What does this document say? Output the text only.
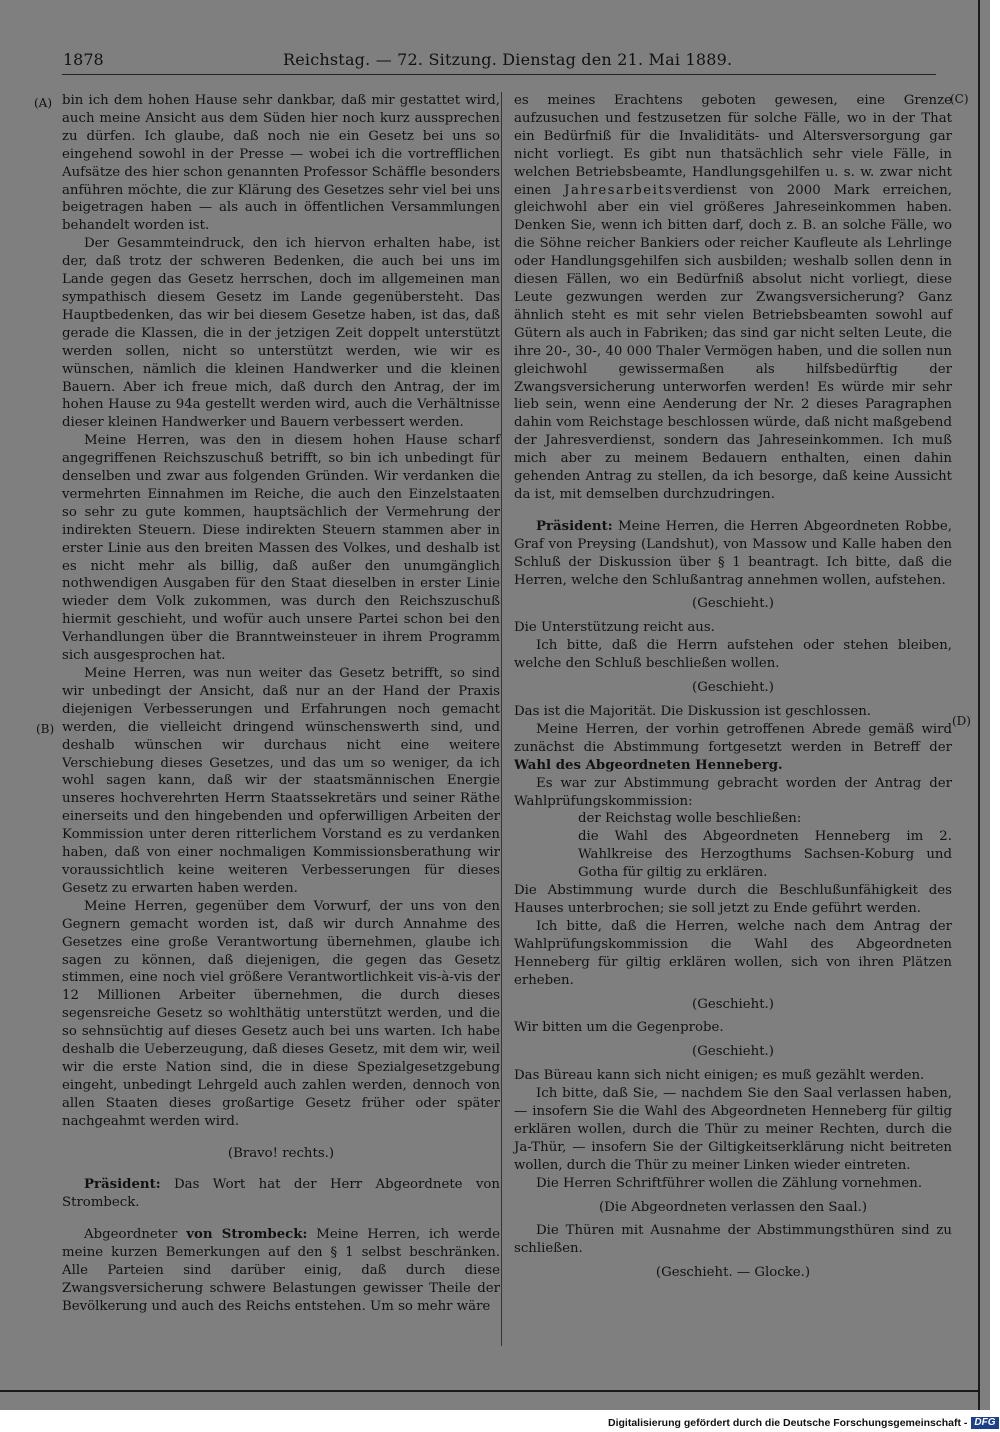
1878	Reichstag. — 72. Sitzung. Dienstag den 21. Mai 1889.
(A)
(B)
(C)
(D)

bin ich dem hohen Hause sehr dankbar, daß mir gestattet wird, auch meine Ansicht aus dem Süden hier noch kurz aussprechen zu dürfen. Ich glaube, daß noch nie ein Gesetz bei uns so eingehend sowohl in der Presse — wobei ich die vortrefflichen Aufsätze des hier schon genannten Professor Schäffle besonders anführen möchte, die zur Klärung des Gesetzes sehr viel bei uns beigetragen haben — als auch in öffentlichen Versammlungen behandelt worden ist.

Der Gesammteindruck, den ich hiervon erhalten habe, ist der, daß trotz der schweren Bedenken, die auch bei uns im Lande gegen das Gesetz herrschen, doch im allgemeinen man sympathisch diesem Gesetz im Lande gegenübersteht. Das Hauptbedenken, das wir bei diesem Gesetze haben, ist das, daß gerade die Klassen, die in der jetzigen Zeit doppelt unterstützt werden sollen, nicht so unterstützt werden, wie wir es wünschen, nämlich die kleinen Handwerker und die kleinen Bauern. Aber ich freue mich, daß durch den Antrag, der im hohen Hause zu 94a gestellt werden wird, auch die Verhältnisse dieser kleinen Handwerker und Bauern verbessert werden.

Meine Herren, was den in diesem hohen Hause scharf angegriffenen Reichszuschuß betrifft, so bin ich unbedingt für denselben und zwar aus folgenden Gründen. Wir verdanken die vermehrten Einnahmen im Reiche, die auch den Einzelstaaten so sehr zu gute kommen, hauptsächlich der Vermehrung der indirekten Steuern. Diese indirekten Steuern stammen aber in erster Linie aus den breiten Massen des Volkes, und deshalb ist es nicht mehr als billig, daß außer den unumgänglich nothwendigen Ausgaben für den Staat dieselben in erster Linie wieder dem Volk zukommen, was durch den Reichszuschuß hiermit geschieht, und wofür auch unsere Partei schon bei den Verhandlungen über die Branntweinsteuer in ihrem Programm sich ausgesprochen hat.

Meine Herren, was nun weiter das Gesetz betrifft, so sind wir unbedingt der Ansicht, daß nur an der Hand der Praxis diejenigen Verbesserungen und Erfahrungen noch gemacht werden, die vielleicht dringend wünschenswerth sind, und deshalb wünschen wir durchaus nicht eine weitere Verschiebung dieses Gesetzes, und das um so weniger, da ich wohl sagen kann, daß wir der staatsmännischen Energie unseres hochverehrten Herrn Staatssekretärs und seiner Räthe einerseits und den hingebenden und opferwilligen Arbeiten der Kommission unter deren ritterlichem Vorstand es zu verdanken haben, daß von einer nochmaligen Kommissionsberathung wir voraussichtlich keine weiteren Verbesserungen für dieses Gesetz zu erwarten haben werden.

Meine Herren, gegenüber dem Vorwurf, der uns von den Gegnern gemacht worden ist, daß wir durch Annahme des Gesetzes eine große Verantwortung übernehmen, glaube ich sagen zu können, daß diejenigen, die gegen das Gesetz stimmen, eine noch viel größere Verantwortlichkeit vis-à-vis der 12 Millionen Arbeiter übernehmen, die durch dieses segensreiche Gesetz so wohlthätig unterstützt werden, und die so sehnsüchtig auf dieses Gesetz auch bei uns warten. Ich habe deshalb die Ueberzeugung, daß dieses Gesetz, mit dem wir, weil wir die erste Nation sind, die in diese Spezialgesetzgebung eingeht, unbedingt Lehrgeld auch zahlen werden, dennoch von allen Staaten dieses großartige Gesetz früher oder später nachgeahmt werden wird.

(Bravo! rechts.)

Präsident: Das Wort hat der Herr Abgeordnete von Strombeck.

Abgeordneter von Strombeck: Meine Herren, ich werde meine kurzen Bemerkungen auf den § 1 selbst beschränken. Alle Parteien sind darüber einig, daß durch diese Zwangsversicherung schwere Belastungen gewisser Theile der Bevölkerung und auch des Reichs entstehen. Um so mehr wäre

es meines Erachtens geboten gewesen, eine Grenze aufzusuchen und festzusetzen für solche Fälle, wo in der That ein Bedürfniß für die Invaliditäts- und Altersversorgung gar nicht vorliegt. Es gibt nun thatsächlich sehr viele Fälle, in welchen Betriebsbeamte, Handlungsgehilfen u. s. w. zwar nicht einen Jahresarbeitsverdienst von 2000 Mark erreichen, gleichwohl aber ein viel größeres Jahreseinkommen haben. Denken Sie, wenn ich bitten darf, doch z. B. an solche Fälle, wo die Söhne reicher Bankiers oder reicher Kaufleute als Lehrlinge oder Handlungsgehilfen sich ausbilden; weshalb sollen denn in diesen Fällen, wo ein Bedürfniß absolut nicht vorliegt, diese Leute gezwungen werden zur Zwangsversicherung? Ganz ähnlich steht es mit sehr vielen Betriebsbeamten sowohl auf Gütern als auch in Fabriken; das sind gar nicht selten Leute, die ihre 20-, 30-, 40 000 Thaler Vermögen haben, und die sollen nun gleichwohl gewissermaßen als hilfsbedürftig der Zwangsversicherung unterworfen werden! Es würde mir sehr lieb sein, wenn eine Aenderung der Nr. 2 dieses Paragraphen dahin vom Reichstage beschlossen würde, daß nicht maßgebend der Jahresverdienst, sondern das Jahreseinkommen. Ich muß mich aber zu meinem Bedauern enthalten, einen dahin gehenden Antrag zu stellen, da ich besorge, daß keine Aussicht da ist, mit demselben durchzudringen.

Präsident: Meine Herren, die Herren Abgeordneten Robbe, Graf von Preysing (Landshut), von Massow und Kalle haben den Schluß der Diskussion über § 1 beantragt. Ich bitte, daß die Herren, welche den Schlußantrag annehmen wollen, aufstehen.

(Geschieht.)

Die Unterstützung reicht aus.

Ich bitte, daß die Herrn aufstehen oder stehen bleiben, welche den Schluß beschließen wollen.

(Geschieht.)

Das ist die Majorität. Die Diskussion ist geschlossen.

Meine Herren, der vorhin getroffenen Abrede gemäß wird zunächst die Abstimmung fortgesetzt werden in Betreff der Wahl des Abgeordneten Henneberg.

Es war zur Abstimmung gebracht worden der Antrag der Wahlprüfungskommission:

der Reichstag wolle beschließen:

die Wahl des Abgeordneten Henneberg im 2. Wahlkreise des Herzogthums Sachsen-Koburg und Gotha für giltig zu erklären.

Die Abstimmung wurde durch die Beschlußunfähigkeit des Hauses unterbrochen; sie soll jetzt zu Ende geführt werden.

Ich bitte, daß die Herren, welche nach dem Antrag der Wahlprüfungskommission die Wahl des Abgeordneten Henneberg für giltig erklären wollen, sich von ihren Plätzen erheben.

(Geschieht.)

Wir bitten um die Gegenprobe.

(Geschieht.)

Das Büreau kann sich nicht einigen; es muß gezählt werden.

Ich bitte, daß Sie, — nachdem Sie den Saal verlassen haben, — insofern Sie die Wahl des Abgeordneten Henneberg für giltig erklären wollen, durch die Thür zu meiner Rechten, durch die Ja-Thür, — insofern Sie der Giltigkeitserklärung nicht beitreten wollen, durch die Thür zu meiner Linken wieder eintreten.

Die Herren Schriftführer wollen die Zählung vornehmen.

(Die Abgeordneten verlassen den Saal.)

Die Thüren mit Ausnahme der Abstimmungsthüren sind zu schließen.

(Geschieht. — Glocke.)

Digitalisierung gefördert durch die Deutsche Forschungsgemeinschaft - DFG
